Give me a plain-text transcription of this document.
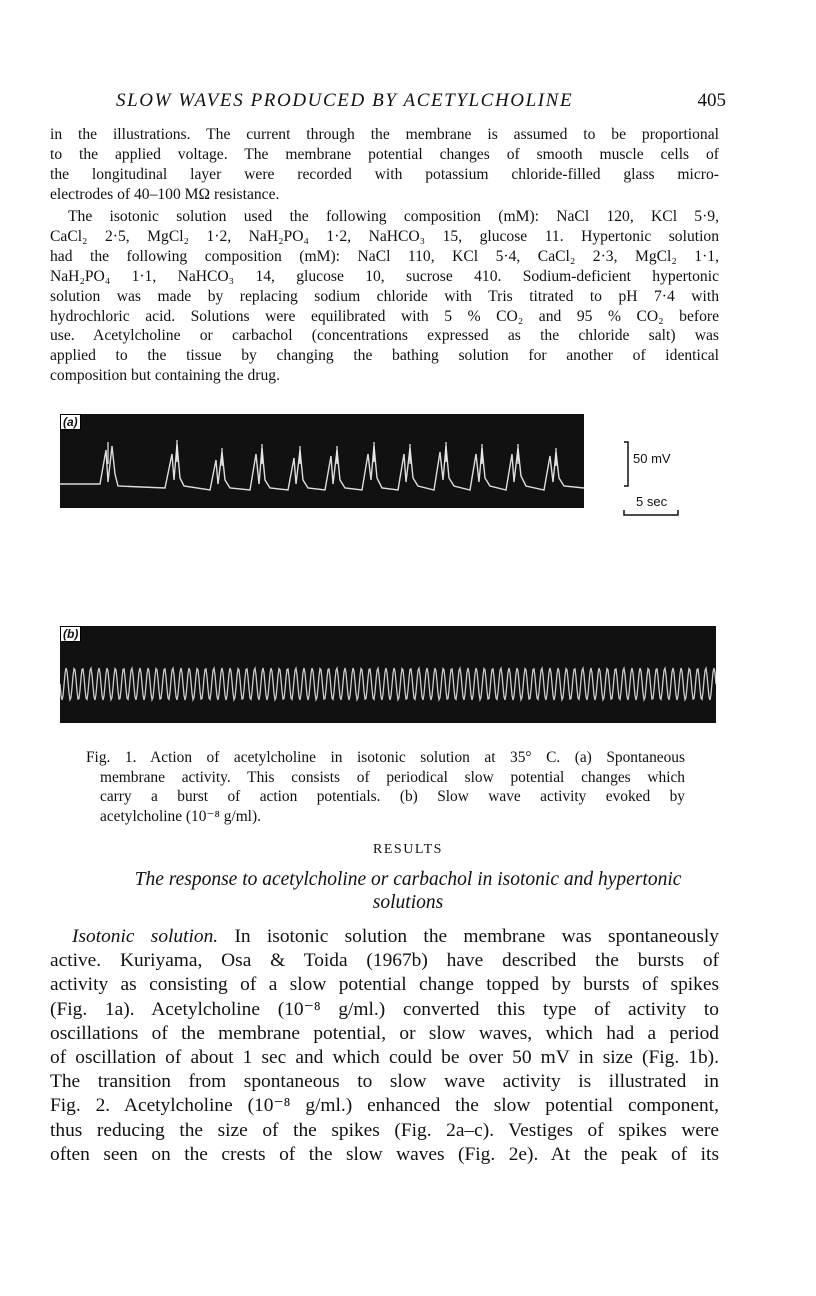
SLOW WAVES PRODUCED BY ACETYLCHOLINE	405
in the illustrations. The current through the membrane is assumed to be proportional
to the applied voltage. The membrane potential changes of smooth muscle cells of
the longitudinal layer were recorded with potassium chloride-filled glass micro-
electrodes of 40–100 MΩ resistance.
The isotonic solution used the following composition (mM): NaCl 120, KCl 5·9,
CaCl₂ 2·5, MgCl₂ 1·2, NaH₂PO₄ 1·2, NaHCO₃ 15, glucose 11. Hypertonic solution
had the following composition (mM): NaCl 110, KCl 5·4, CaCl₂ 2·3, MgCl₂ 1·1,
NaH₂PO₄ 1·1, NaHCO₃ 14, glucose 10, sucrose 410. Sodium-deficient hypertonic
solution was made by replacing sodium chloride with Tris titrated to pH 7·4 with
hydrochloric acid. Solutions were equilibrated with 5 % CO₂ and 95 % CO₂ before
use. Acetylcholine or carbachol (concentrations expressed as the chloride salt) was
applied to the tissue by changing the bathing solution for another of identical
composition but containing the drug.
(a)
50 mV
5 sec
(b)
Fig. 1. Action of acetylcholine in isotonic solution at 35° C. (a) Spontaneous
membrane activity. This consists of periodical slow potential changes which
carry a burst of action potentials. (b) Slow wave activity evoked by
acetylcholine (10⁻⁸ g/ml).
RESULTS
The response to acetylcholine or carbachol in isotonic and hypertonic
solutions
Isotonic solution. In isotonic solution the membrane was spontaneously
active. Kuriyama, Osa & Toida (1967b) have described the bursts of
activity as consisting of a slow potential change topped by bursts of spikes
(Fig. 1a). Acetylcholine (10⁻⁸ g/ml.) converted this type of activity to
oscillations of the membrane potential, or slow waves, which had a period
of oscillation of about 1 sec and which could be over 50 mV in size (Fig. 1b).
The transition from spontaneous to slow wave activity is illustrated in
Fig. 2. Acetylcholine (10⁻⁸ g/ml.) enhanced the slow potential component,
thus reducing the size of the spikes (Fig. 2a–c). Vestiges of spikes were
often seen on the crests of the slow waves (Fig. 2e). At the peak of its
